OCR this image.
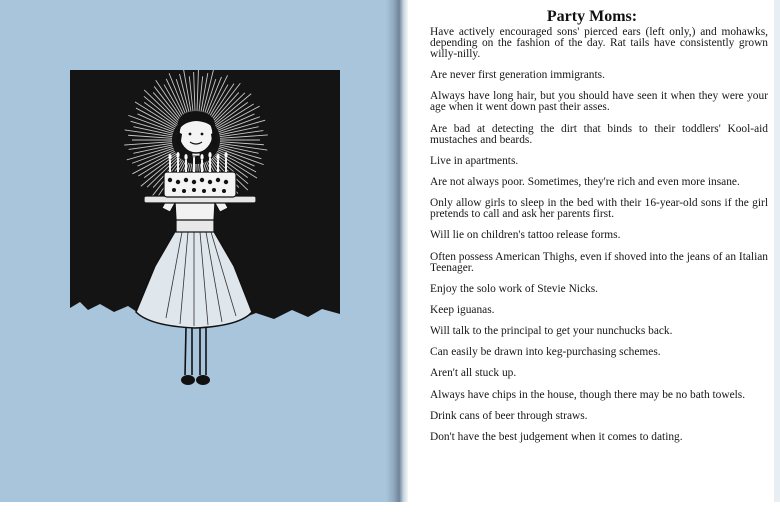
Party Moms:
Have actively encouraged sons' pierced ears (left only,) and mohawks, depending on the fashion of the day. Rat tails have consistently grown willy-nilly.
Are never first generation immigrants.
Always have long hair, but you should have seen it when they were your age when it went down past their asses.
Are bad at detecting the dirt that binds to their toddlers' Kool-aid mustaches and beards.
Live in apartments.
Are not always poor. Sometimes, they're rich and even more insane.
Only allow girls to sleep in the bed with their 16-year-old sons if the girl pretends to call and ask her parents first.
Will lie on children's tattoo release forms.
Often possess American Thighs, even if shoved into the jeans of an Italian Teenager.
Enjoy the solo work of Stevie Nicks.
Keep iguanas.
Will talk to the principal to get your nunchucks back.
Can easily be drawn into keg-purchasing schemes.
Aren't all stuck up.
Always have chips in the house, though there may be no bath towels.
Drink cans of beer through straws.
Don't have the best judgement when it comes to dating.
